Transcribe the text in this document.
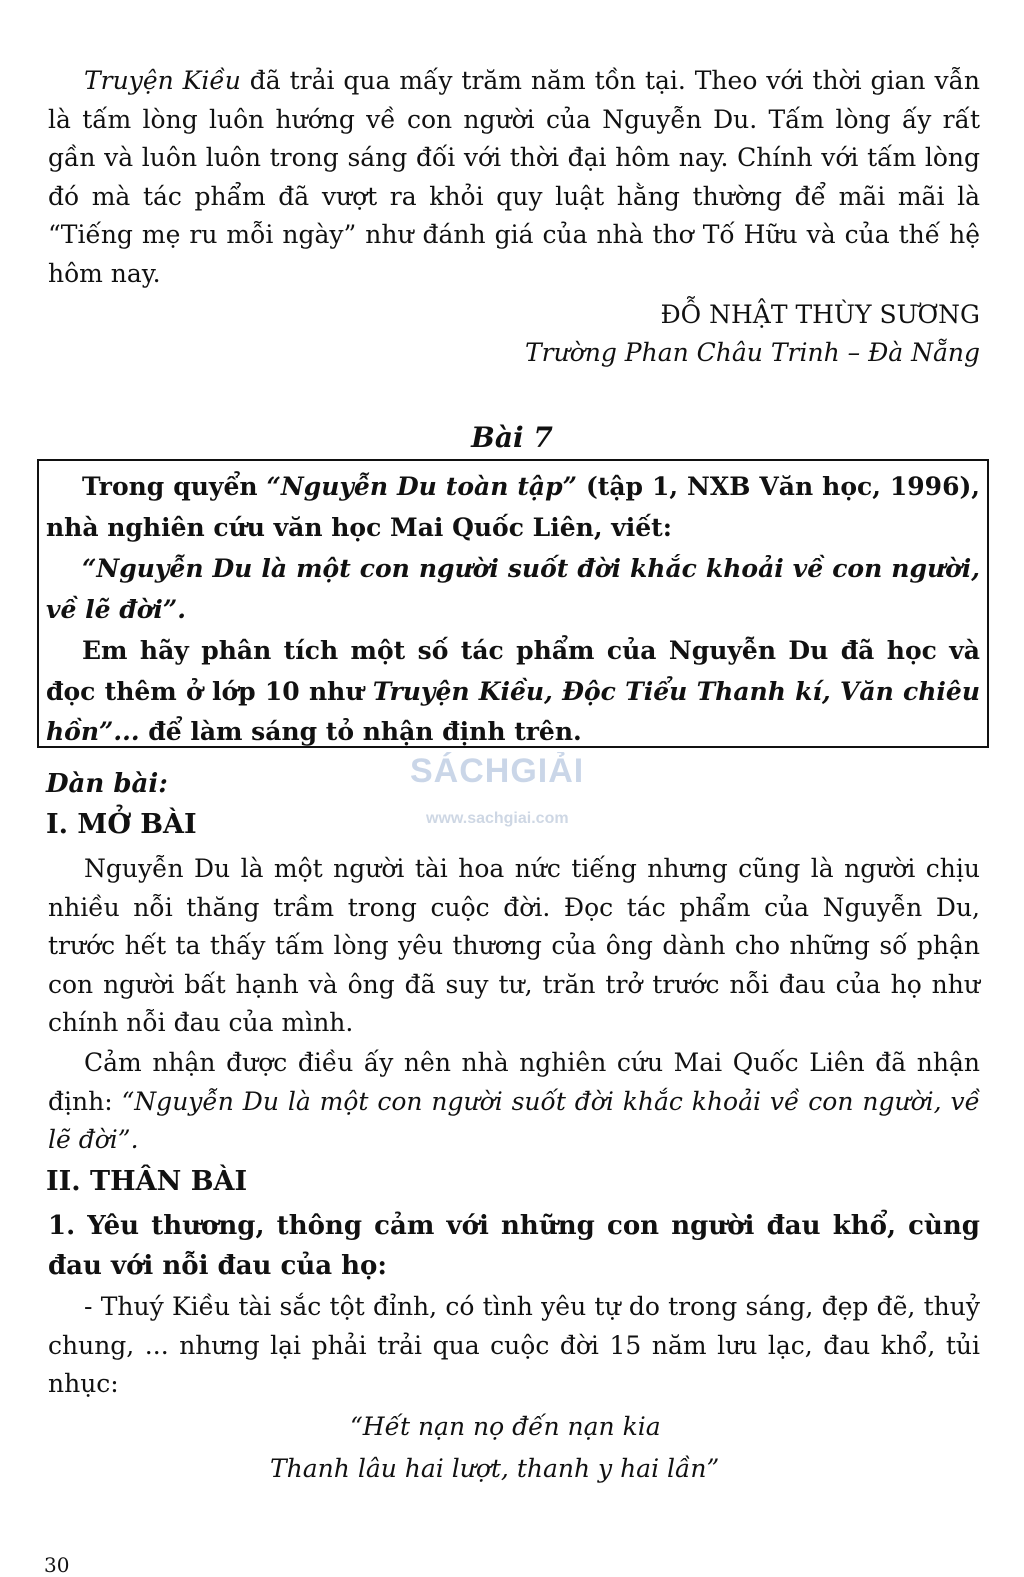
Truyện Kiều đã trải qua mấy trăm năm tồn tại. Theo với thời gian vẫn là tấm lòng luôn hướng về con người của Nguyễn Du. Tấm lòng ấy rất gần và luôn luôn trong sáng đối với thời đại hôm nay. Chính với tấm lòng đó mà tác phẩm đã vượt ra khỏi quy luật hằng thường để mãi mãi là “Tiếng mẹ ru mỗi ngày” như đánh giá của nhà thơ Tố Hữu và của thế hệ hôm nay.

ĐỖ NHẬT THÙY SƯƠNG

Trường Phan Châu Trinh – Đà Nẵng

Bài 7

Trong quyển “Nguyễn Du toàn tập” (tập 1, NXB Văn học, 1996), nhà nghiên cứu văn học Mai Quốc Liên, viết:

“Nguyễn Du là một con người suốt đời khắc khoải về con người, về lẽ đời”.

Em hãy phân tích một số tác phẩm của Nguyễn Du đã học và đọc thêm ở lớp 10 như Truyện Kiều, Độc Tiểu Thanh kí, Văn chiêu hồn”... để làm sáng tỏ nhận định trên.

SÁCHGIẢI
www.sachgiai.com

Dàn bài:

I. MỞ BÀI

Nguyễn Du là một người tài hoa nức tiếng nhưng cũng là người chịu nhiều nỗi thăng trầm trong cuộc đời. Đọc tác phẩm của Nguyễn Du, trước hết ta thấy tấm lòng yêu thương của ông dành cho những số phận con người bất hạnh và ông đã suy tư, trăn trở trước nỗi đau của họ như chính nỗi đau của mình.

Cảm nhận được điều ấy nên nhà nghiên cứu Mai Quốc Liên đã nhận định: “Nguyễn Du là một con người suốt đời khắc khoải về con người, về lẽ đời”.

II. THÂN BÀI

1. Yêu thương, thông cảm với những con người đau khổ, cùng đau với nỗi đau của họ:

- Thuý Kiều tài sắc tột đỉnh, có tình yêu tự do trong sáng, đẹp đẽ, thuỷ chung, ... nhưng lại phải trải qua cuộc đời 15 năm lưu lạc, đau khổ, tủi nhục:

“Hết nạn nọ đến nạn kia

Thanh lâu hai lượt, thanh y hai lần”

30
